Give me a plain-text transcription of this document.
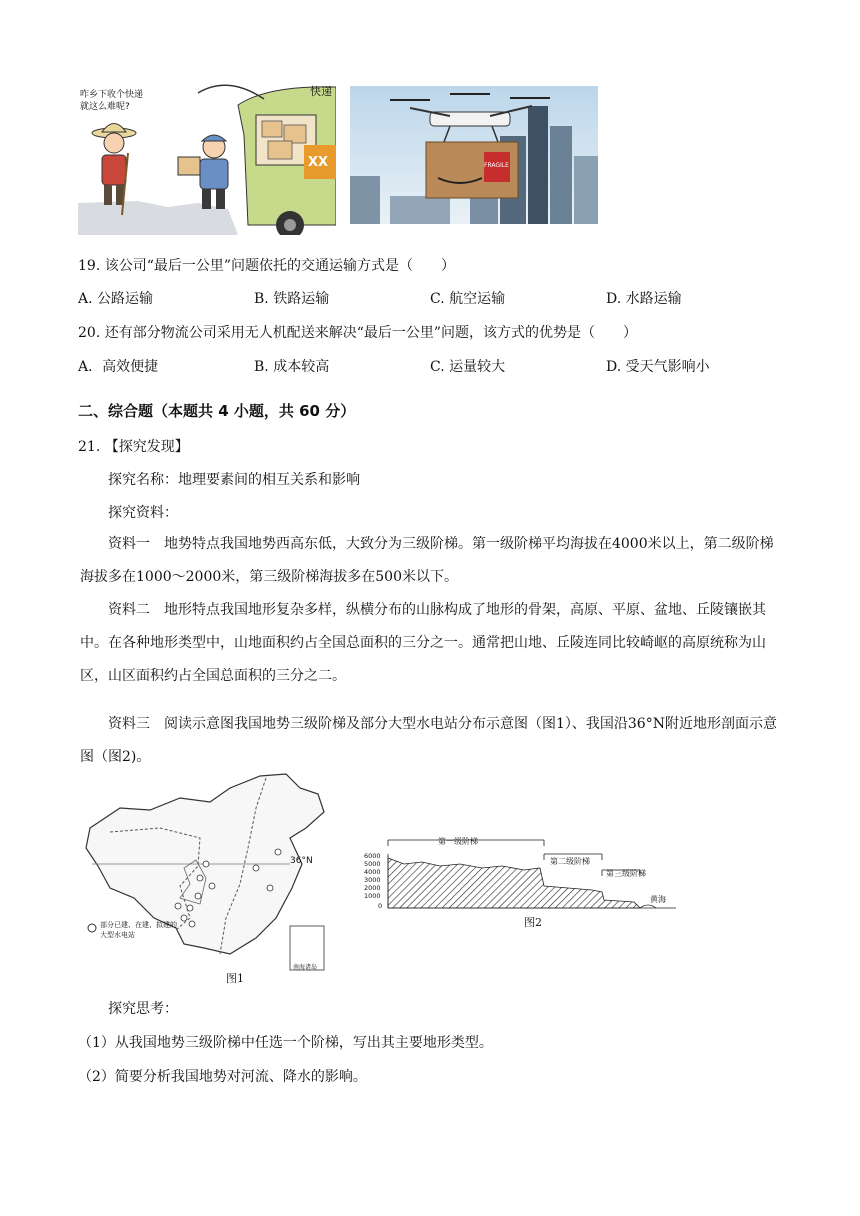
咋乡下收个快递就这么难呢?
快递
XX	FRAGILE
19. 该公司“最后一公里”问题依托的交通运输方式是（　　）
A. 公路运输	B. 铁路运输	C. 航空运输	D. 水路运输
20. 还有部分物流公司采用无人机配送来解决“最后一公里”问题，该方式的优势是（　　）
A．高效便捷	B. 成本较高	C. 运量较大	D. 受天气影响小
二、综合题（本题共 4 小题，共 60 分）
21. 【探究发现】
探究名称：地理要素间的相互关系和影响
探究资料：
资料一　地势特点我国地势西高东低，大致分为三级阶梯。第一级阶梯平均海拔在4000米以上，第二级阶梯海拔多在1000～2000米，第三级阶梯海拔多在500米以下。
资料二　地形特点我国地形复杂多样，纵横分布的山脉构成了地形的骨架，高原、平原、盆地、丘陵镶嵌其中。在各种地形类型中，山地面积约占全国总面积的三分之一。通常把山地、丘陵连同比较崎岖的高原统称为山区，山区面积约占全国总面积的三分之二。
资料三　阅读示意图我国地势三级阶梯及部分大型水电站分布示意图（图1）、我国沿36°N附近地形剖面示意图（图2)。
36°N
部分已建、在建、拟建的
大型水电站
南海诸岛
图1
第一级阶梯
第二级阶梯
第三级阶梯
黄海
6000
5000
4000
3000
2000
1000
0
图2
探究思考：
（1）从我国地势三级阶梯中任选一个阶梯，写出其主要地形类型。
（2）简要分析我国地势对河流、降水的影响。
